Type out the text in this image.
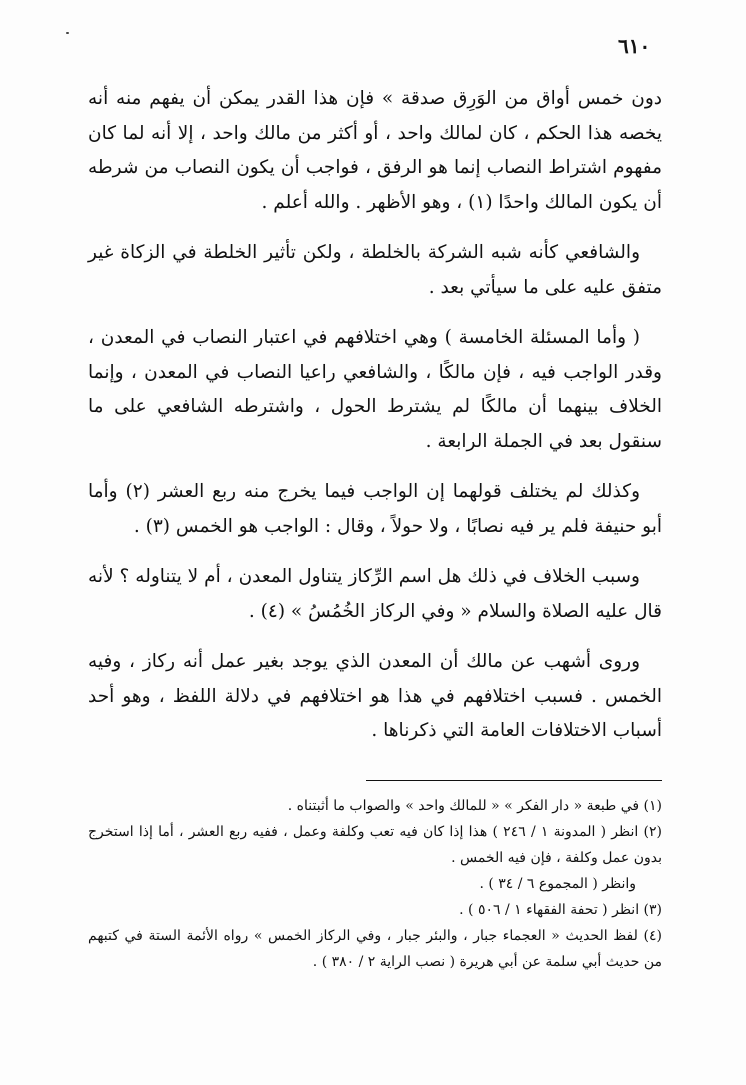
٦١٠

دون خمس أواق من الوَرِق صدقة » فإن هذا القدر يمكن أن يفهم منه أنه يخصه هذا الحكم ، كان لمالك واحد ، أو أكثر من مالك واحد ، إلا أنه لما كان مفهوم اشتراط النصاب إنما هو الرفق ، فواجب أن يكون النصاب من شرطه أن يكون المالك واحدًا (١) ، وهو الأظهر . والله أعلم .

والشافعي كأنه شبه الشركة بالخلطة ، ولكن تأثير الخلطة في الزكاة غير متفق عليه على ما سيأتي بعد .

( وأما المسئلة الخامسة ) وهي اختلافهم في اعتبار النصاب في المعدن ، وقدر الواجب فيه ، فإن مالكًا ، والشافعي راعيا النصاب في المعدن ، وإنما الخلاف بينهما أن مالكًا لم يشترط الحول ، واشترطه الشافعي على ما سنقول بعد في الجملة الرابعة .

وكذلك لم يختلف قولهما إن الواجب فيما يخرج منه ربع العشر (٢) وأما أبو حنيفة فلم ير فيه نصابًا ، ولا حولاً ، وقال : الواجب هو الخمس (٣) .

وسبب الخلاف في ذلك هل اسم الرِّكاز يتناول المعدن ، أم لا يتناوله ؟ لأنه قال عليه الصلاة والسلام « وفي الركاز الخُمُسُ » (٤) .

وروى أشهب عن مالك أن المعدن الذي يوجد بغير عمل أنه ركاز ، وفيه الخمس . فسبب اختلافهم في هذا هو اختلافهم في دلالة اللفظ ، وهو أحد أسباب الاختلافات العامة التي ذكرناها .

(١) في طبعة « دار الفكر » « للمالك واحد » والصواب ما أثبتناه .

(٢) انظر ( المدونة ١ / ٢٤٦ ) هذا إذا كان فيه تعب وكلفة وعمل ، ففيه ربع العشر ، أما إذا استخرج بدون عمل وكلفة ، فإن فيه الخمس .

وانظر ( المجموع ٦ / ٣٤ ) .

(٣) انظر ( تحفة الفقهاء ١ / ٥٠٦ ) .

(٤) لفظ الحديث « العجماء جبار ، والبئر جبار ، وفي الركاز الخمس » رواه الأئمة الستة في كتبهم من حديث أبي سلمة عن أبي هريرة ( نصب الراية ٢ / ٣٨٠ ) .
